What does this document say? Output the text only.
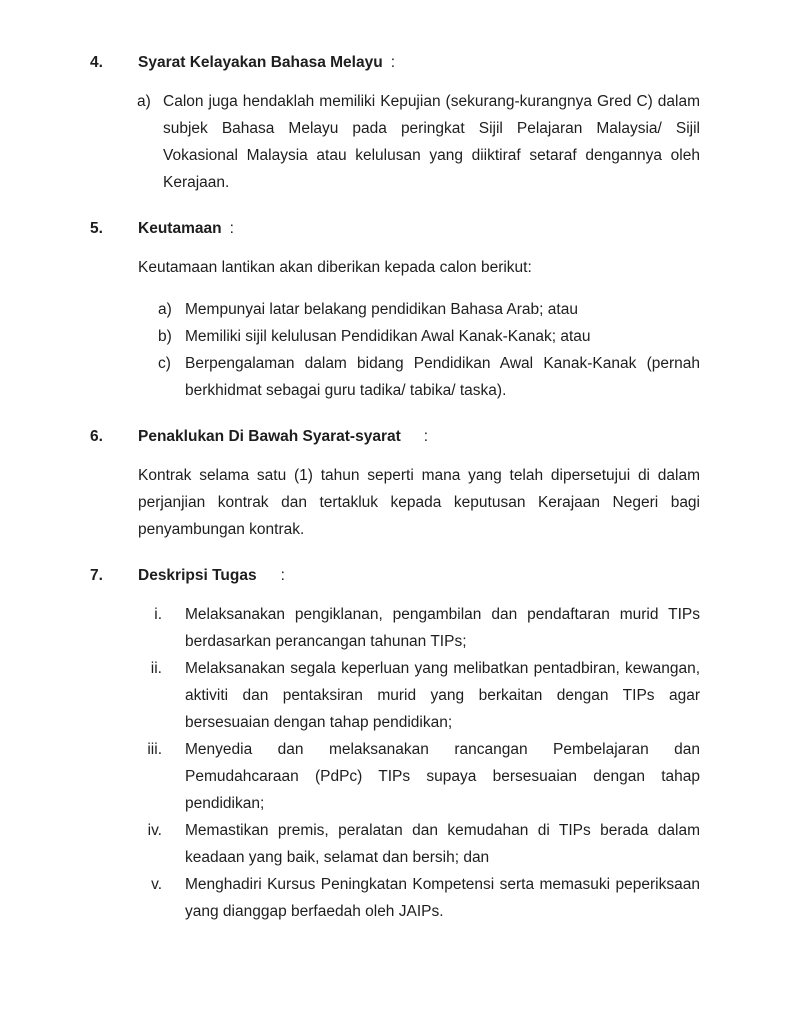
4.	Syarat Kelayakan Bahasa Melayu :
a) Calon juga hendaklah memiliki Kepujian (sekurang-kurangnya Gred C) dalam subjek Bahasa Melayu pada peringkat Sijil Pelajaran Malaysia/ Sijil Vokasional Malaysia atau kelulusan yang diiktiraf setaraf dengannya oleh Kerajaan.
5.	Keutamaan :

Keutamaan lantikan akan diberikan kepada calon berikut:

a) Mempunyai latar belakang pendidikan Bahasa Arab; atau
b) Memiliki sijil kelulusan Pendidikan Awal Kanak-Kanak; atau
c) Berpengalaman dalam bidang Pendidikan Awal Kanak-Kanak (pernah berkhidmat sebagai guru tadika/ tabika/ taska).
6.	Penaklukan Di Bawah Syarat-syarat :

Kontrak selama satu (1) tahun seperti mana yang telah dipersetujui di dalam perjanjian kontrak dan tertakluk kepada keputusan Kerajaan Negeri bagi penyambungan kontrak.

7.	Deskripsi Tugas :
i. Melaksanakan pengiklanan, pengambilan dan pendaftaran murid TIPs berdasarkan perancangan tahunan TIPs;
ii. Melaksanakan segala keperluan yang melibatkan pentadbiran, kewangan, aktiviti dan pentaksiran murid yang berkaitan dengan TIPs agar bersesuaian dengan tahap pendidikan;
iii. Menyedia dan melaksanakan rancangan Pembelajaran dan Pemudahcaraan (PdPc) TIPs supaya bersesuaian dengan tahap pendidikan;
iv. Memastikan premis, peralatan dan kemudahan di TIPs berada dalam keadaan yang baik, selamat dan bersih; dan
v. Menghadiri Kursus Peningkatan Kompetensi serta memasuki peperiksaan yang dianggap berfaedah oleh JAIPs.
